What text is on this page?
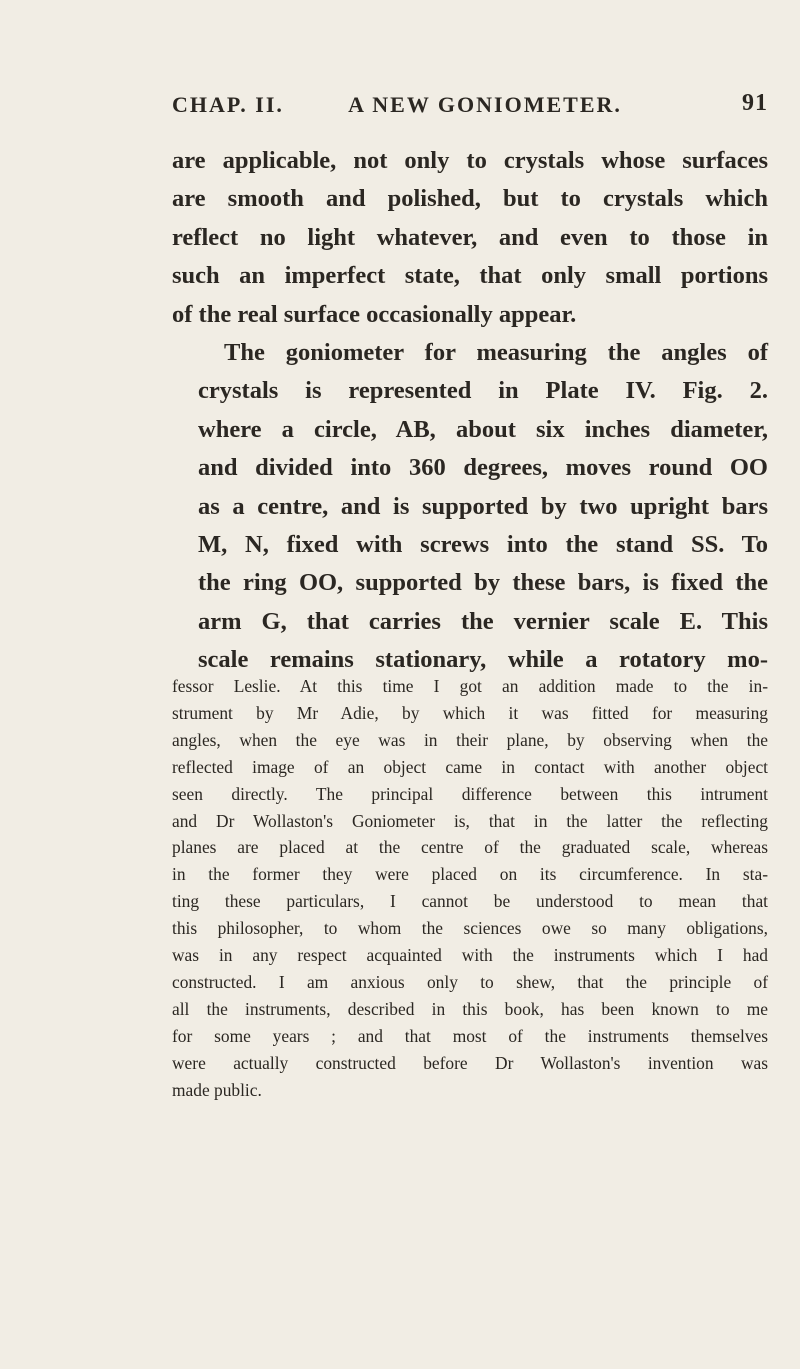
CHAP. II.	A NEW GONIOMETER.	91

are applicable, not only to crystals whose surfaces
are smooth and polished, but to crystals which
reflect no light whatever, and even to those in
such an imperfect state, that only small portions
of the real surface occasionally appear.

The goniometer for measuring the angles of
crystals is represented in Plate IV. Fig. 2.
where a circle, AB, about six inches diameter,
and divided into 360 degrees, moves round OO
as a centre, and is supported by two upright bars
M, N, fixed with screws into the stand SS. To
the ring OO, supported by these bars, is fixed the
arm G, that carries the vernier scale E. This
scale remains stationary, while a rotatory mo-

fessor Leslie. At this time I got an addition made to the in-
strument by Mr Adie, by which it was fitted for measuring
angles, when the eye was in their plane, by observing when the
reflected image of an object came in contact with another object
seen directly. The principal difference between this intrument
and Dr Wollaston's Goniometer is, that in the latter the reflecting
planes are placed at the centre of the graduated scale, whereas
in the former they were placed on its circumference. In sta-
ting these particulars, I cannot be understood to mean that
this philosopher, to whom the sciences owe so many obligations,
was in any respect acquainted with the instruments which I had
constructed. I am anxious only to shew, that the principle of
all the instruments, described in this book, has been known to me
for some years ; and that most of the instruments themselves
were actually constructed before Dr Wollaston's invention was
made public.
